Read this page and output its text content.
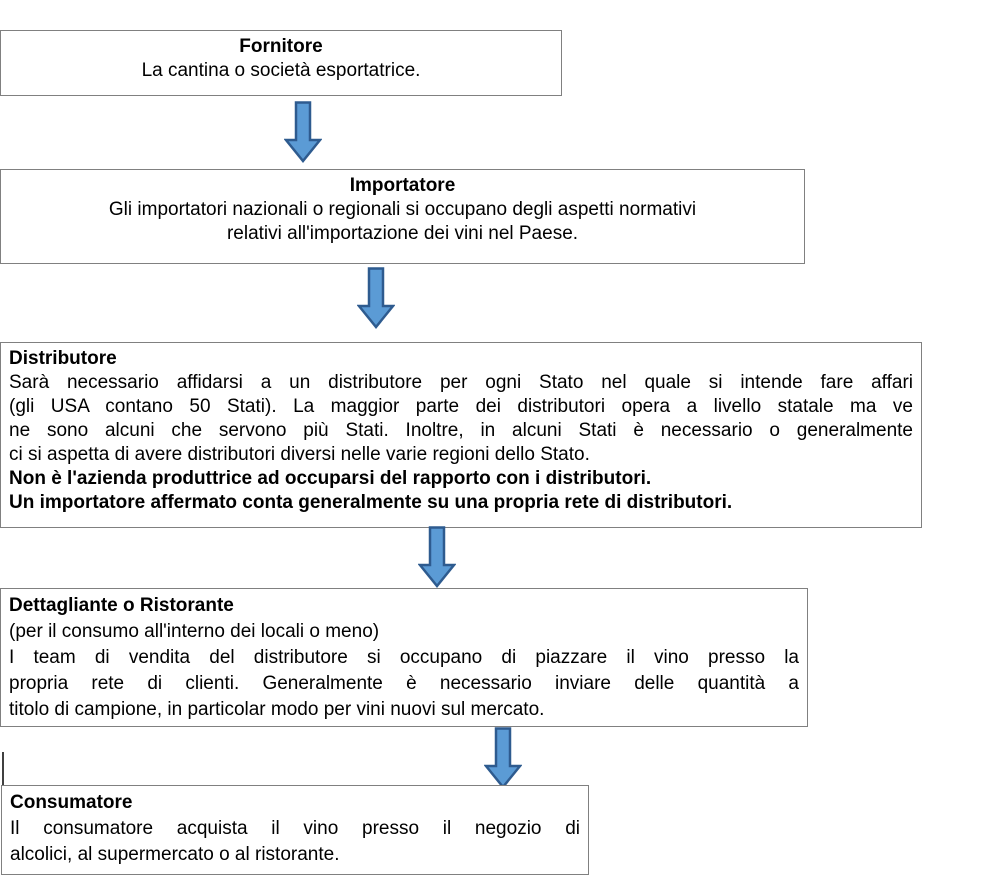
Fornitore
La cantina o società esportatrice.
Importatore
Gli importatori nazionali o regionali si occupano degli aspetti normativi
relativi all'importazione dei vini nel Paese.
Distributore
Sarà necessario affidarsi a un distributore per ogni Stato nel quale si intende fare affari
(gli USA contano 50 Stati). La maggior parte dei distributori opera a livello statale ma ve
ne sono alcuni che servono più Stati. Inoltre, in alcuni Stati è necessario o generalmente
ci si aspetta di avere distributori diversi nelle varie regioni dello Stato.
Non è l'azienda produttrice ad occuparsi del rapporto con i distributori.
Un importatore affermato conta generalmente su una propria rete di distributori.
Dettagliante o Ristorante
(per il consumo all'interno dei locali o meno)
I team di vendita del distributore si occupano di piazzare il vino presso la
propria rete di clienti. Generalmente è necessario inviare delle quantità a
titolo di campione, in particolar modo per vini nuovi sul mercato.
Consumatore
Il consumatore acquista il vino presso il negozio di
alcolici, al supermercato o al ristorante.
